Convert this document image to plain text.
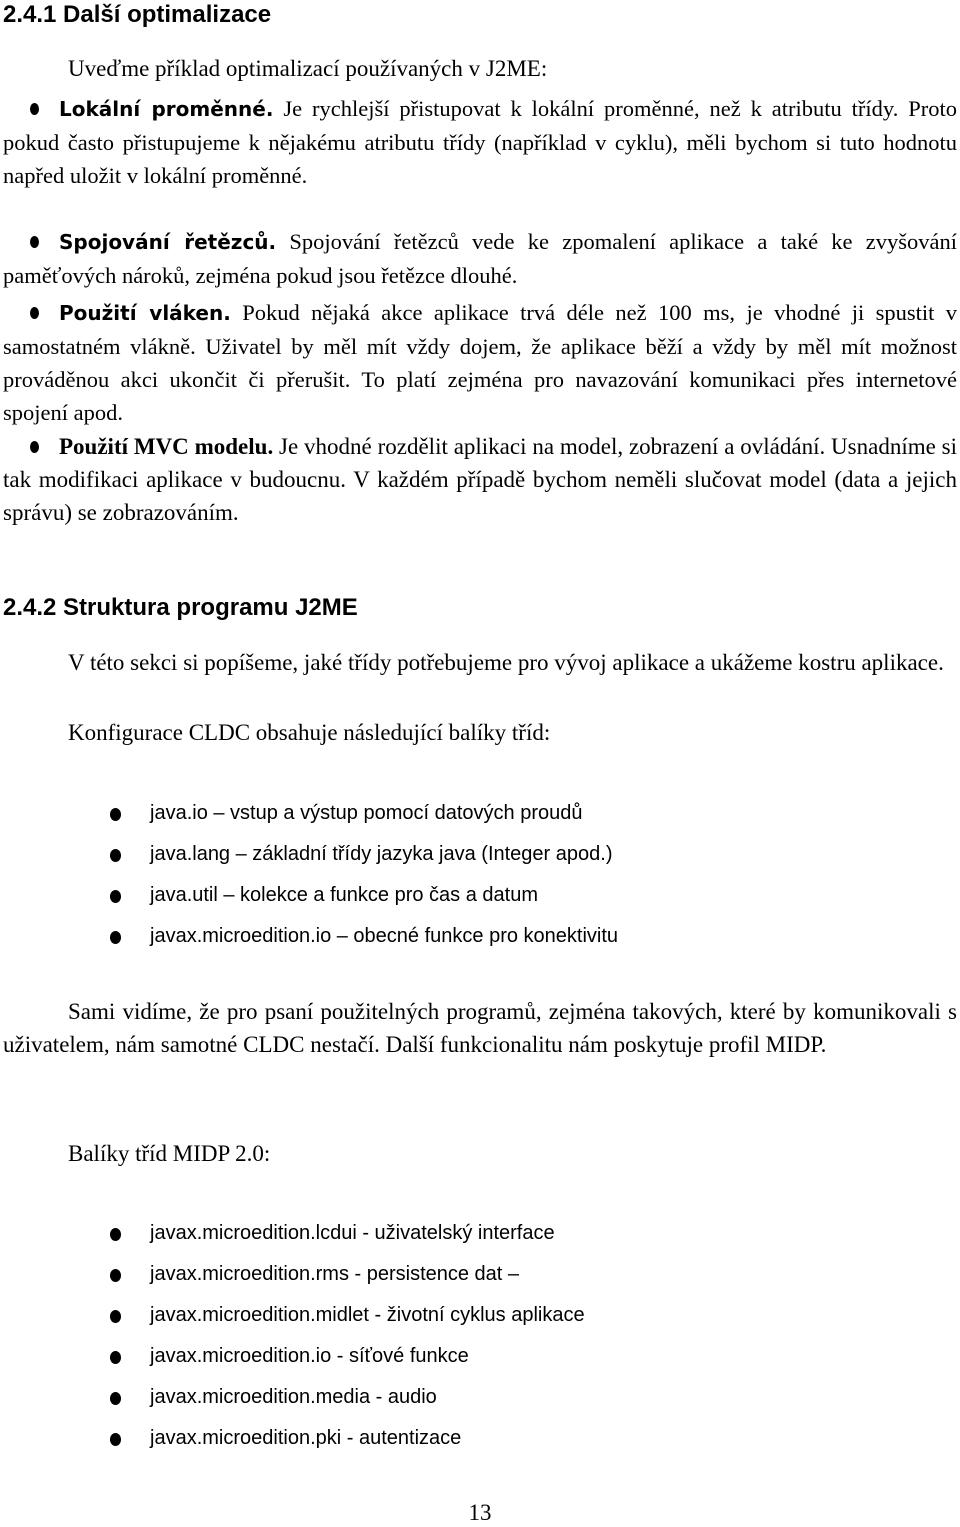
2.4.1 Další optimalizace

Uveďme příklad optimalizací používaných v J2ME:

Lokální proměnné. Je rychlejší přistupovat k lokální proměnné, než k atributu třídy. Proto pokud často přistupujeme k nějakému atributu třídy (například v cyklu), měli bychom si tuto hodnotu napřed uložit v lokální proměnné.

Spojování řetězců. Spojování řetězců vede ke zpomalení aplikace a také ke zvyšování paměťových nároků, zejména pokud jsou řetězce dlouhé.

Použití vláken. Pokud nějaká akce aplikace trvá déle než 100 ms, je vhodné ji spustit v samostatném vlákně. Uživatel by měl mít vždy dojem, že aplikace běží a vždy by měl mít možnost prováděnou akci ukončit či přerušit. To platí zejména pro navazování komunikaci přes internetové spojení apod.

Použití MVC modelu. Je vhodné rozdělit aplikaci na model, zobrazení a ovládání. Usnadníme si tak modifikaci aplikace v budoucnu. V každém případě bychom neměli slučovat model (data a jejich správu) se zobrazováním.

2.4.2 Struktura programu J2ME

V této sekci si popíšeme, jaké třídy potřebujeme pro vývoj aplikace a ukážeme kostru aplikace.

Konfigurace CLDC obsahuje následující balíky tříd:

java.io – vstup a výstup pomocí datových proudů
java.lang – základní třídy jazyka java (Integer apod.)
java.util – kolekce a funkce pro čas a datum
javax.microedition.io – obecné funkce pro konektivitu

Sami vidíme, že pro psaní použitelných programů, zejména takových, které by komunikovali s uživatelem, nám samotné CLDC nestačí. Další funkcionalitu nám poskytuje profil MIDP.

Balíky tříd MIDP 2.0:

javax.microedition.lcdui - uživatelský interface
javax.microedition.rms - persistence dat –
javax.microedition.midlet - životní cyklus aplikace
javax.microedition.io - síťové funkce
javax.microedition.media - audio
javax.microedition.pki - autentizace
13
